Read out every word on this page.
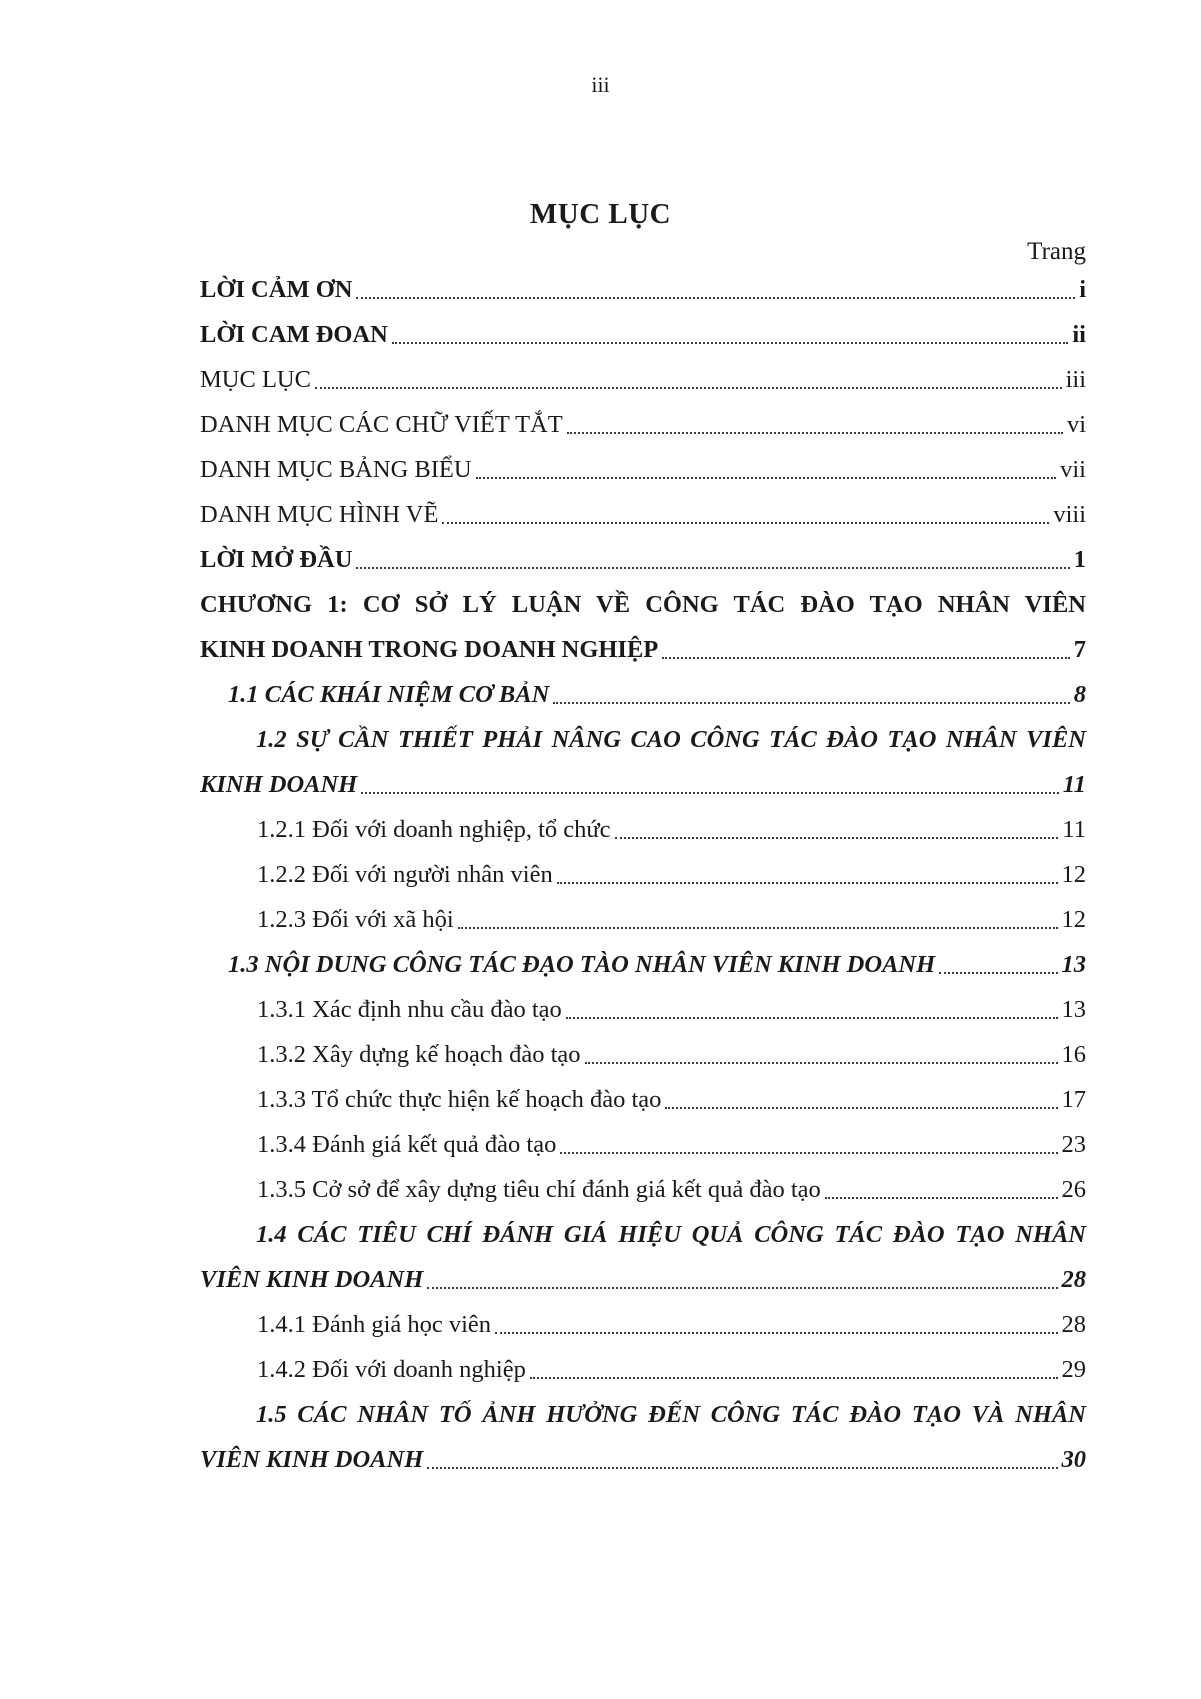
iii
MỤC LỤC
Trang
LỜI CẢM ƠN	i
LỜI CAM ĐOAN	ii
MỤC LỤC	iii
DANH MỤC CÁC CHỮ VIẾT TẮT	vi
DANH MỤC BẢNG BIỂU	vii
DANH MỤC HÌNH VẼ	viii
LỜI MỞ ĐẦU	1
CHƯƠNG 1: CƠ SỞ LÝ LUẬN VỀ CÔNG TÁC ĐÀO TẠO NHÂN VIÊN
KINH DOANH TRONG DOANH NGHIỆP	7
1.1 CÁC KHÁI NIỆM CƠ BẢN	8
1.2 SỰ CẦN THIẾT PHẢI NÂNG CAO CÔNG TÁC ĐÀO TẠO NHÂN VIÊN
KINH DOANH	11
1.2.1 Đối với doanh nghiệp, tổ chức	11
1.2.2 Đối với người nhân viên	12
1.2.3 Đối với xã hội	12
1.3 NỘI DUNG CÔNG TÁC ĐẠO TÀO NHÂN VIÊN KINH DOANH	13
1.3.1 Xác định nhu cầu đào tạo	13
1.3.2 Xây dựng kế hoạch đào tạo	16
1.3.3 Tổ chức thực hiện kế hoạch đào tạo	17
1.3.4 Đánh giá kết quả đào tạo	23
1.3.5 Cở sở để xây dựng tiêu chí đánh giá kết quả đào tạo	26
1.4 CÁC TIÊU CHÍ ĐÁNH GIÁ HIỆU QUẢ CÔNG TÁC ĐÀO TẠO NHÂN
VIÊN KINH DOANH	28
1.4.1 Đánh giá học viên	28
1.4.2 Đối với doanh nghiệp	29
1.5 CÁC NHÂN TỐ ẢNH HƯỞNG ĐẾN CÔNG TÁC ĐÀO TẠO VÀ NHÂN
VIÊN KINH DOANH	30
